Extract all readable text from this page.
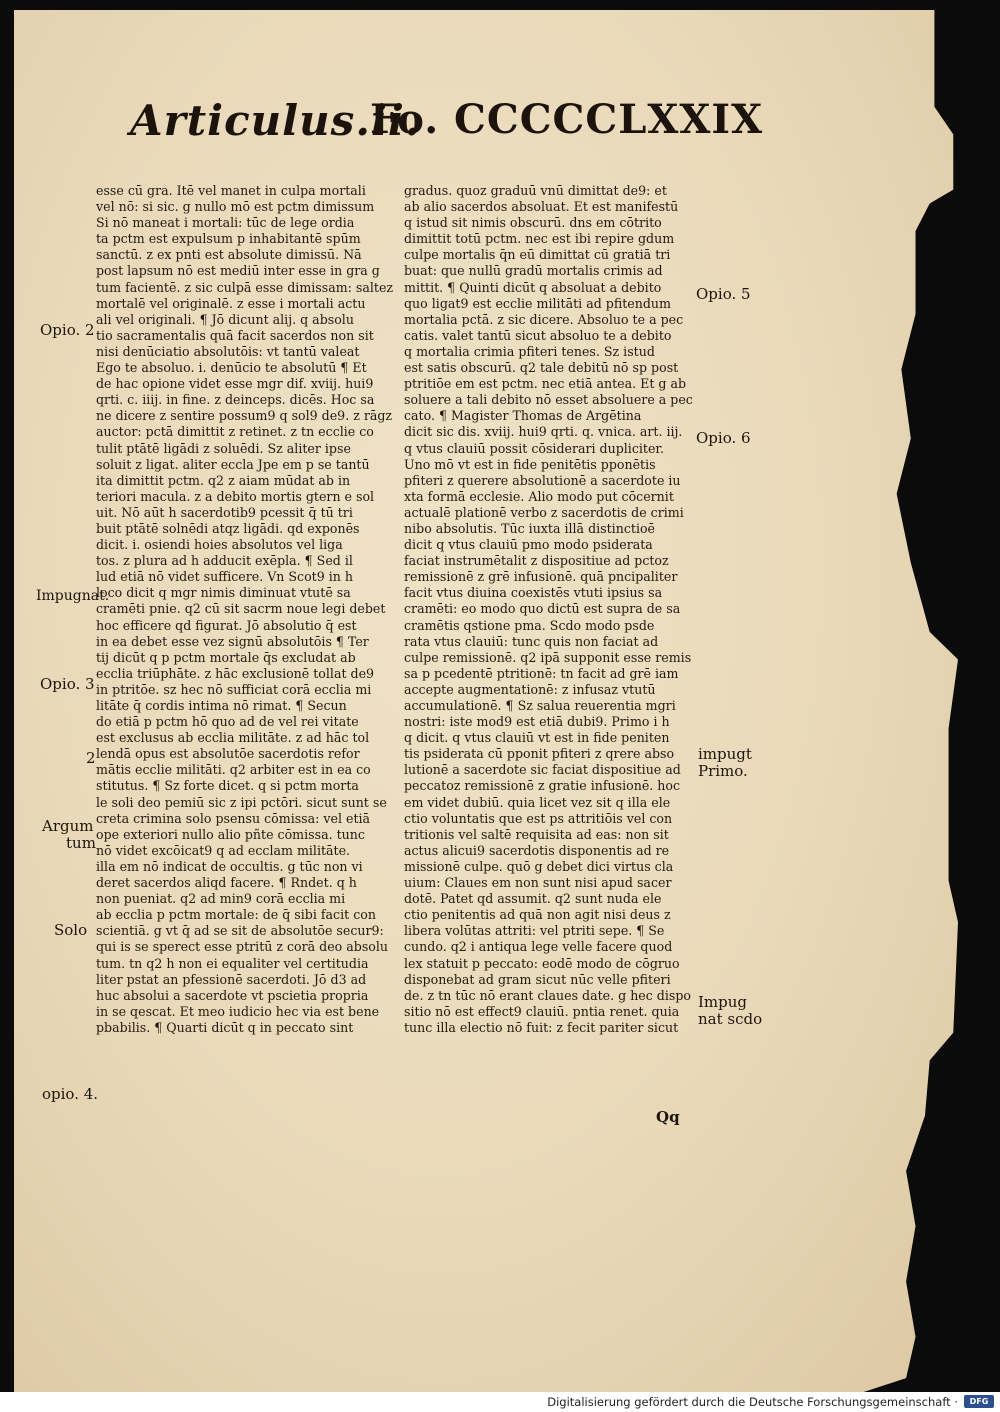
Articulus.ii.
Fo. CCCCCLXXIX
esse cū gra. Itē vel manet in culpa mortali
vel nō: si sic. g nullo mō est pctm dimissum
Si nō maneat i mortali: tūc de lege ordia
ta pctm est expulsum p inhabitantē spūm
sanctū. z ex pnti est absolute dimissū. Nā
post lapsum nō est mediū inter esse in gra g
tum facientē. z sic culpā esse dimissam: saltez
mortalē vel originalē. z esse i mortali actu
ali vel originali. ¶ Jō dicunt alij. q absolu
tio sacramentalis quā facit sacerdos non sit
nisi denūciatio absolutōis: vt tantū valeat
Ego te absoluo. i. denūcio te absolutū ¶ Et
de hac opione videt esse mgr dif. xviij. hui9
qrti. c. iiij. in fine. z deinceps. dicēs. Hoc sa
ne dicere z sentire possum9 q sol9 de9. z rāgz
auctor: pctā dimittit z retinet. z tn ecclie co
tulit ptātē ligādi z soluēdi. Sz aliter ipse
soluit z ligat. aliter eccla Jpe em p se tantū
ita dimittit pctm. q2 z aiam mūdat ab in
teriori macula. z a debito mortis gtern e sol
uit. Nō aūt h sacerdotib9 pcessit q̄ tū tri
buit ptātē solnēdi atqz ligādi. qd exponēs
dicit. i. osiendi hoies absolutos vel liga
tos. z plura ad h adducit exēpla. ¶ Sed il
lud etiā nō videt sufficere. Vn Scot9 in h
loco dicit q mgr nimis diminuat vtutē sa
cramēti pnie. q2 cū sit sacrm noue legi debet
hoc efficere qd figurat. Jō absolutio q̄ est
in ea debet esse vez signū absolutōis ¶ Ter
tij dicūt q p pctm mortale q̄s excludat ab
ecclia triūphāte. z hāc exclusionē tollat de9
in ptritōe. sz hec nō sufficiat corā ecclia mi
litāte q̄ cordis intima nō rimat. ¶ Secun
do etiā p pctm hō quo ad de vel rei vitate
est exclusus ab ecclia militāte. z ad hāc tol
lendā opus est absolutōe sacerdotis refor
mātis ecclie militāti. q2 arbiter est in ea co
stitutus. ¶ Sz forte dicet. q si pctm morta
le soli deo pemiū sic z ipi pctōri. sicut sunt se
creta crimina solo psensu cōmissa: vel etiā
ope exteriori nullo alio pñte cōmissa. tunc
nō videt excōicat9 q ad ecclam militāte.
illa em nō indicat de occultis. g tūc non vi
deret sacerdos aliqd facere. ¶ Rndet. q h
non pueniat. q2 ad min9 corā ecclia mi
ab ecclia p pctm mortale: de q̄ sibi facit con
scientiā. g vt q̄ ad se sit de absolutōe secur9:
qui is se sperect esse ptritū z corā deo absolu
tum. tn q2 h non ei equaliter vel certitudia
liter pstat an pfessionē sacerdoti. Jō d3 ad
huc absolui a sacerdote vt pscietia propria
in se qescat. Et meo iudicio hec via est bene
pbabilis. ¶ Quarti dicūt q in peccato sint
gradus. quoz graduū vnū dimittat de9: et
ab alio sacerdos absoluat. Et est manifestū
q istud sit nimis obscurū. dns em cōtrito
dimittit totū pctm. nec est ibi repire gdum
culpe mortalis q̄n eū dimittat cū gratiā tri
buat: que nullū gradū mortalis crimis ad
mittit. ¶ Quinti dicūt q absoluat a debito
quo ligat9 est ecclie militāti ad pfitendum
mortalia pctā. z sic dicere. Absoluo te a pec
catis. valet tantū sicut absoluo te a debito
q mortalia crimia pfiteri tenes. Sz istud
est satis obscurū. q2 tale debitū nō sp post
ptritiōe em est pctm. nec etiā antea. Et g ab
soluere a tali debito nō esset absoluere a pec
cato. ¶ Magister Thomas de Argētina
dicit sic dis. xviij. hui9 qrti. q. vnica. art. iij.
q vtus clauiū possit cōsiderari dupliciter.
Uno mō vt est in fide penitētis pponētis
pfiteri z querere absolutionē a sacerdote iu
xta formā ecclesie. Alio modo put cōcernit
actualē plationē verbo z sacerdotis de crimi
nibo absolutis. Tūc iuxta illā distinctioē
dicit q vtus clauiū pmo modo psiderata
faciat instrumētalit z dispositiue ad pctoz
remissionē z grē infusionē. quā pncipaliter
facit vtus diuina coexistēs vtuti ipsius sa
cramēti: eo modo quo dictū est supra de sa
cramētis qstione pma. Scdo modo psde
rata vtus clauiū: tunc quis non faciat ad
culpe remissionē. q2 ipā supponit esse remis
sa p pcedentē ptritionē: tn facit ad grē iam
accepte augmentationē: z infusaz vtutū
accumulationē. ¶ Sz salua reuerentia mgri
nostri: iste mod9 est etiā dubi9. Primo i h
q dicit. q vtus clauiū vt est in fide peniten
tis psiderata cū pponit pfiteri z qrere abso
lutionē a sacerdote sic faciat dispositiue ad
peccatoz remissionē z gratie infusionē. hoc
em videt dubiū. quia licet vez sit q illa ele
ctio voluntatis que est ps attritiōis vel con
tritionis vel saltē requisita ad eas: non sit
actus alicui9 sacerdotis disponentis ad re
missionē culpe. quō g debet dici virtus cla
uium: Claues em non sunt nisi apud sacer
dotē. Patet qd assumit. q2 sunt nuda ele
ctio penitentis ad quā non agit nisi deus z
libera volūtas attriti: vel ptriti sepe. ¶ Se
cundo. q2 i antiqua lege velle facere quod
lex statuit p peccato: eodē modo de cōgruo
disponebat ad gram sicut nūc velle pfiteri
de. z tn tūc nō erant claues date. g hec dispo
sitio nō est effect9 clauiū. pntia renet. quia
tunc illa electio nō fuit: z fecit pariter sicut
Opio. 2
Impugnat.
Opio. 3
2
Argum
tum
Solo
opio. 4.
Opio. 5
Opio. 6
impugt
Primo.
Impug
nat scdo
Qq
Digitalisierung gefördert durch die Deutsche Forschungsgemeinschaft ·	DFG
